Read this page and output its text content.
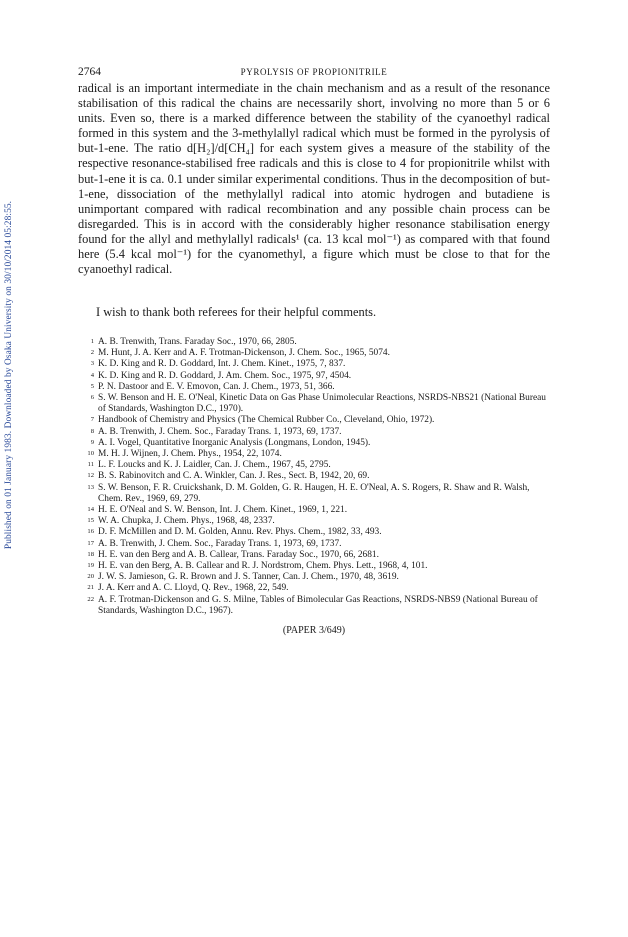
Published on 01 January 1983. Downloaded by Osaka University on 30/10/2014 05:28:55.
2764	PYROLYSIS OF PROPIONITRILE

radical is an important intermediate in the chain mechanism and as a result of the resonance stabilisation of this radical the chains are necessarily short, involving no more than 5 or 6 units. Even so, there is a marked difference between the stability of the cyanoethyl radical formed in this system and the 3-methylallyl radical which must be formed in the pyrolysis of but-1-ene. The ratio d[H₂]/d[CH₄] for each system gives a measure of the stability of the respective resonance-stabilised free radicals and this is close to 4 for propionitrile whilst with but-1-ene it is ca. 0.1 under similar experimental conditions. Thus in the decomposition of but-1-ene, dissociation of the methylallyl radical into atomic hydrogen and butadiene is unimportant compared with radical recombination and any possible chain process can be disregarded. This is in accord with the considerably higher resonance stabilisation energy found for the allyl and methylallyl radicals¹ (ca. 13 kcal mol⁻¹) as compared with that found here (5.4 kcal mol⁻¹) for the cyanomethyl, a figure which must be close to that for the cyanoethyl radical.

I wish to thank both referees for their helpful comments.

1 A. B. Trenwith, Trans. Faraday Soc., 1970, 66, 2805.
2 M. Hunt, J. A. Kerr and A. F. Trotman-Dickenson, J. Chem. Soc., 1965, 5074.
3 K. D. King and R. D. Goddard, Int. J. Chem. Kinet., 1975, 7, 837.
4 K. D. King and R. D. Goddard, J. Am. Chem. Soc., 1975, 97, 4504.
5 P. N. Dastoor and E. V. Emovon, Can. J. Chem., 1973, 51, 366.
6 S. W. Benson and H. E. O'Neal, Kinetic Data on Gas Phase Unimolecular Reactions, NSRDS-NBS21 (National Bureau of Standards, Washington D.C., 1970).
7 Handbook of Chemistry and Physics (The Chemical Rubber Co., Cleveland, Ohio, 1972).
8 A. B. Trenwith, J. Chem. Soc., Faraday Trans. 1, 1973, 69, 1737.
9 A. I. Vogel, Quantitative Inorganic Analysis (Longmans, London, 1945).
10 M. H. J. Wijnen, J. Chem. Phys., 1954, 22, 1074.
11 L. F. Loucks and K. J. Laidler, Can. J. Chem., 1967, 45, 2795.
12 B. S. Rabinovitch and C. A. Winkler, Can. J. Res., Sect. B, 1942, 20, 69.
13 S. W. Benson, F. R. Cruickshank, D. M. Golden, G. R. Haugen, H. E. O'Neal, A. S. Rogers, R. Shaw and R. Walsh, Chem. Rev., 1969, 69, 279.
14 H. E. O'Neal and S. W. Benson, Int. J. Chem. Kinet., 1969, 1, 221.
15 W. A. Chupka, J. Chem. Phys., 1968, 48, 2337.
16 D. F. McMillen and D. M. Golden, Annu. Rev. Phys. Chem., 1982, 33, 493.
17 A. B. Trenwith, J. Chem. Soc., Faraday Trans. 1, 1973, 69, 1737.
18 H. E. van den Berg and A. B. Callear, Trans. Faraday Soc., 1970, 66, 2681.
19 H. E. van den Berg, A. B. Callear and R. J. Nordstrom, Chem. Phys. Lett., 1968, 4, 101.
20 J. W. S. Jamieson, G. R. Brown and J. S. Tanner, Can. J. Chem., 1970, 48, 3619.
21 J. A. Kerr and A. C. Lloyd, Q. Rev., 1968, 22, 549.
22 A. F. Trotman-Dickenson and G. S. Milne, Tables of Bimolecular Gas Reactions, NSRDS-NBS9 (National Bureau of Standards, Washington D.C., 1967).
(PAPER 3/649)
